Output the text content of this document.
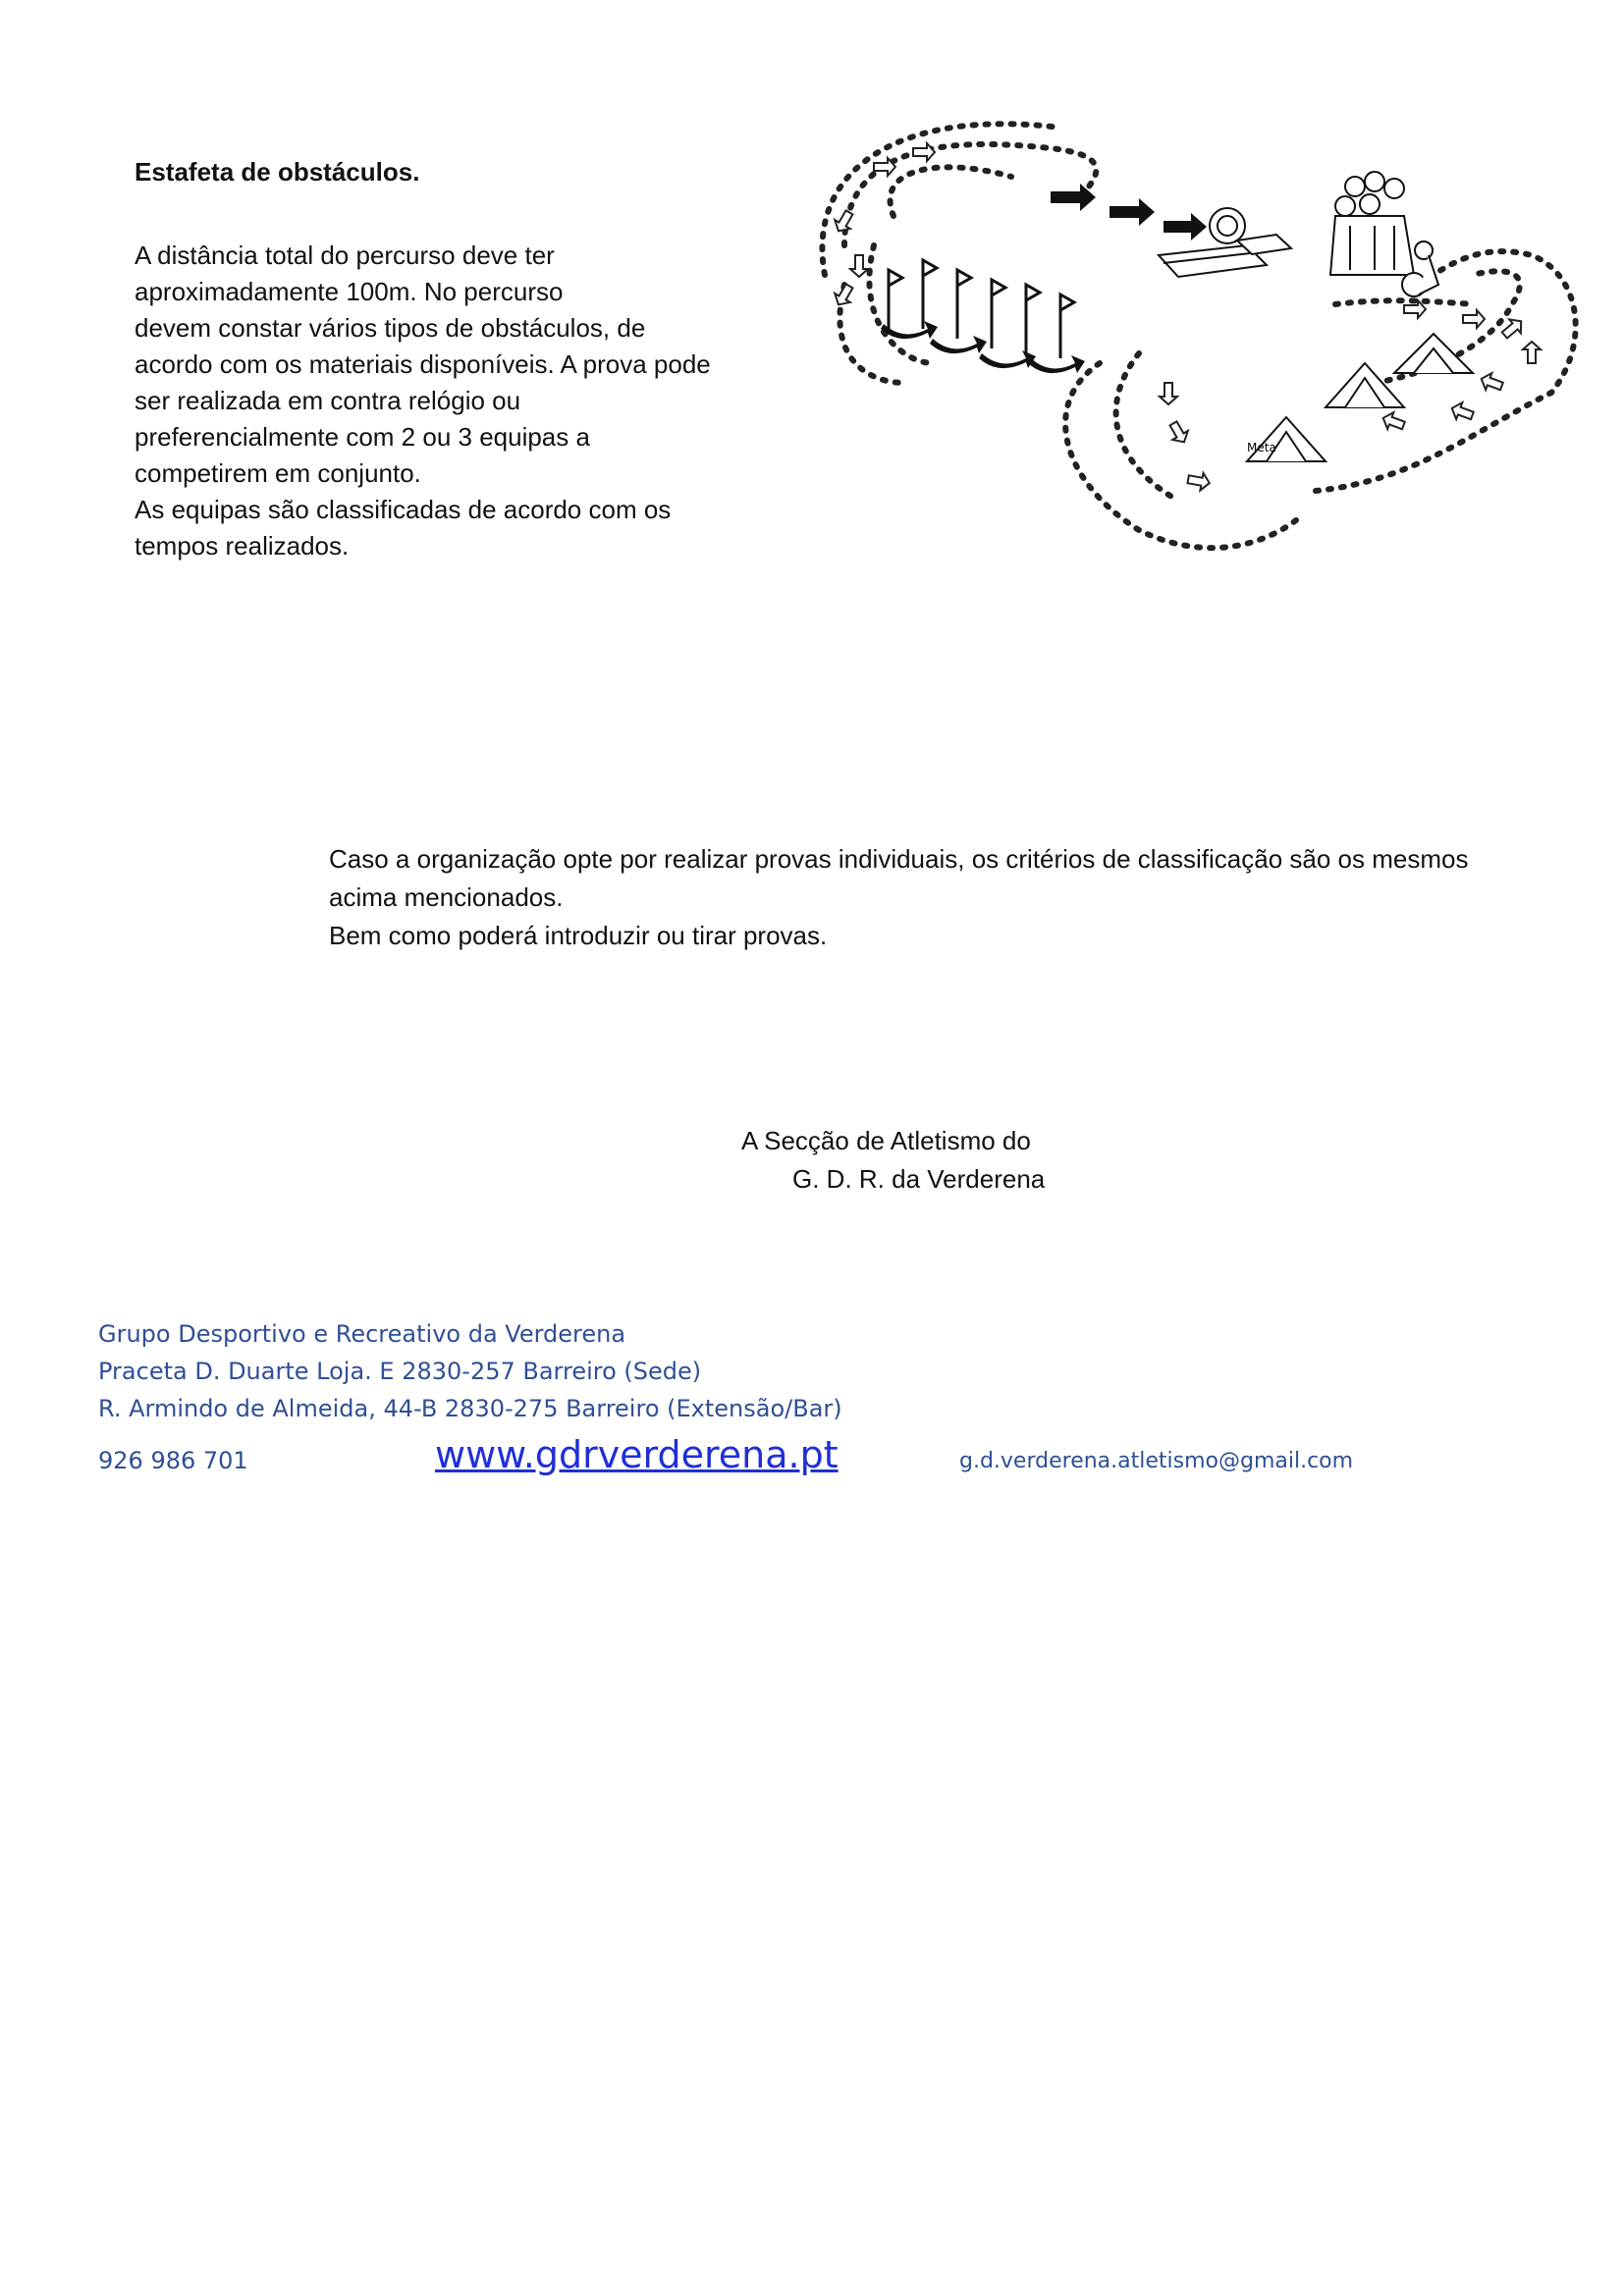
Estafeta de obstáculos.
A distância total do percurso deve ter
aproximadamente 100m. No percurso
devem constar vários tipos de obstáculos, de
acordo com os materiais disponíveis. A prova pode
ser realizada em contra relógio ou
preferencialmente com 2 ou 3 equipas a
competirem em conjunto.
As equipas são classificadas de acordo com os
tempos realizados.
Meta
Caso a organização opte por realizar provas individuais, os critérios de classificação são os mesmos
acima mencionados.
Bem como poderá introduzir ou tirar provas.
A Secção de Atletismo do
G. D. R. da Verderena
Grupo Desportivo e Recreativo da Verderena
Praceta D. Duarte Loja. E 2830-257 Barreiro (Sede)
R. Armindo de Almeida, 44-B 2830-275 Barreiro (Extensão/Bar)
926 986 701	www.gdrverderena.pt	g.d.verderena.atletismo@gmail.com
